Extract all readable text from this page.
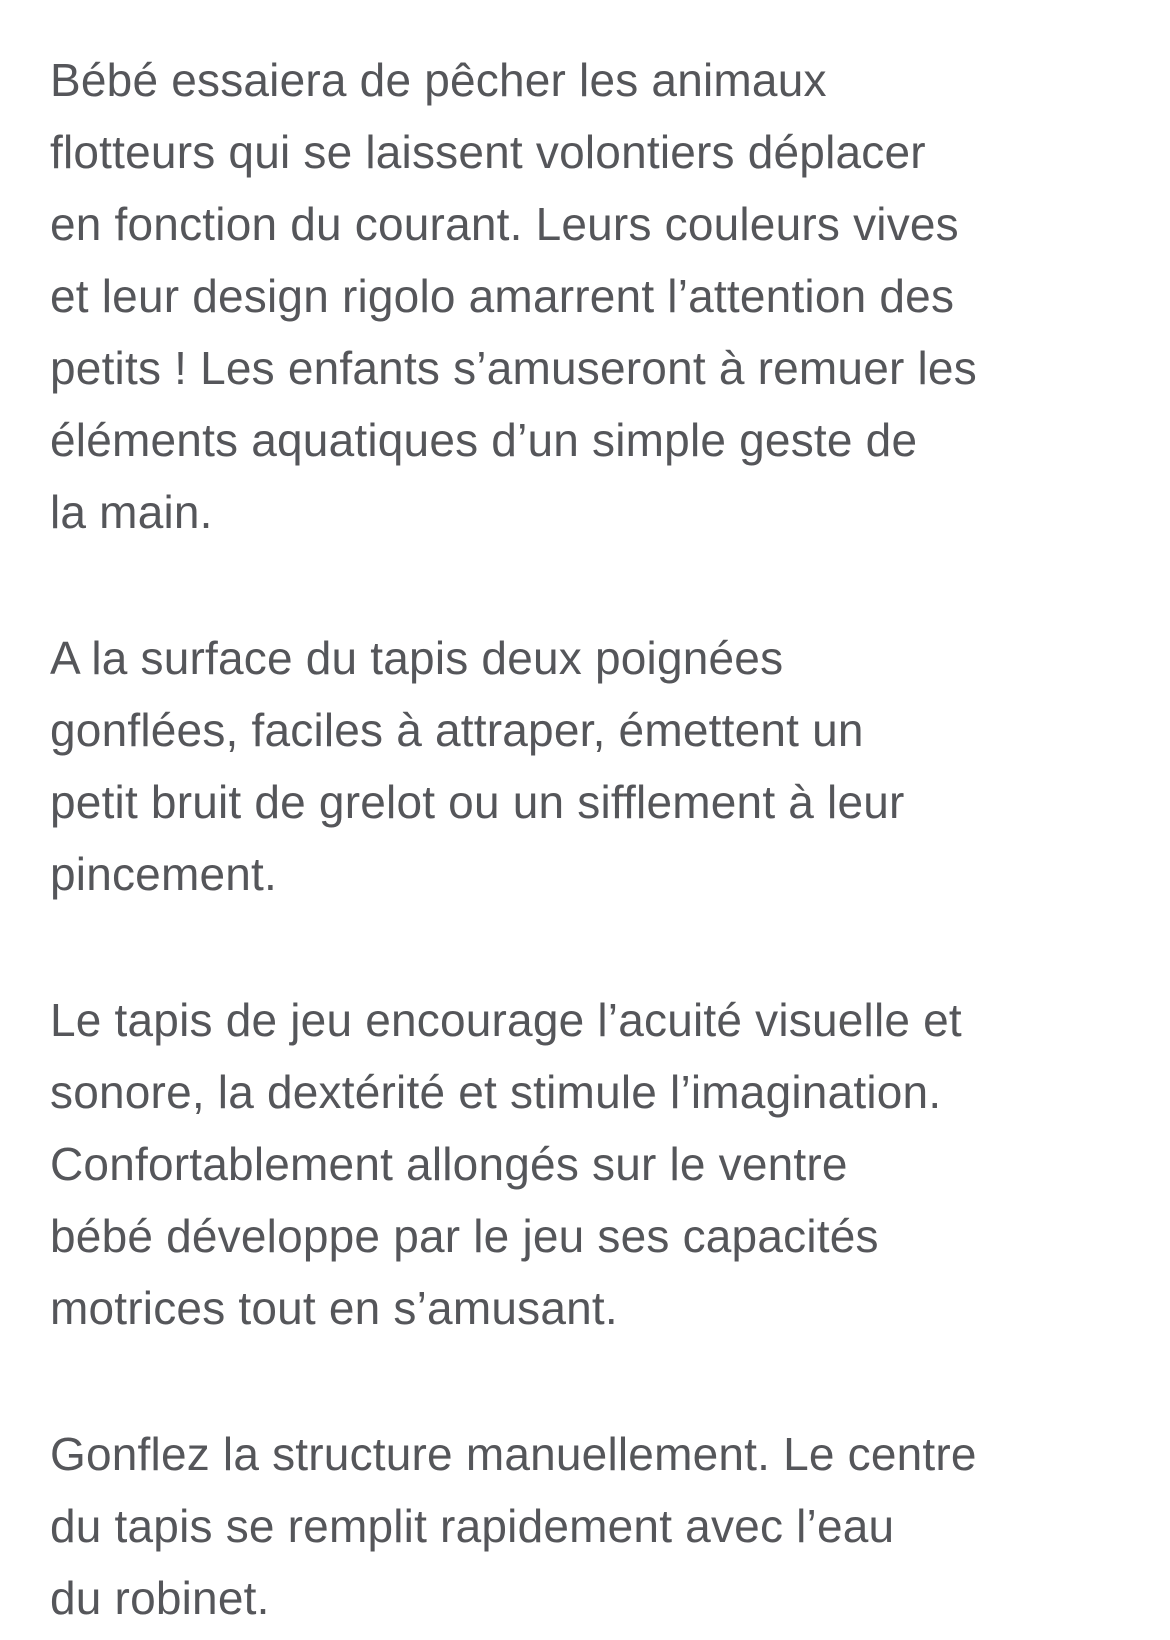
Bébé essaiera de pêcher les animaux
flotteurs qui se laissent volontiers déplacer
en fonction du courant. Leurs couleurs vives
et leur design rigolo amarrent l’attention des
petits ! Les enfants s’amuseront à remuer les
éléments aquatiques d’un simple geste de
la main.
A la surface du tapis deux poignées
gonflées, faciles à attraper, émettent un
petit bruit de grelot ou un sifflement à leur
pincement.
Le tapis de jeu encourage l’acuité visuelle et
sonore, la dextérité et stimule l’imagination.
Confortablement allongés sur le ventre
bébé développe par le jeu ses capacités
motrices tout en s’amusant.
Gonflez la structure manuellement. Le centre
du tapis se remplit rapidement avec l’eau
du robinet.
